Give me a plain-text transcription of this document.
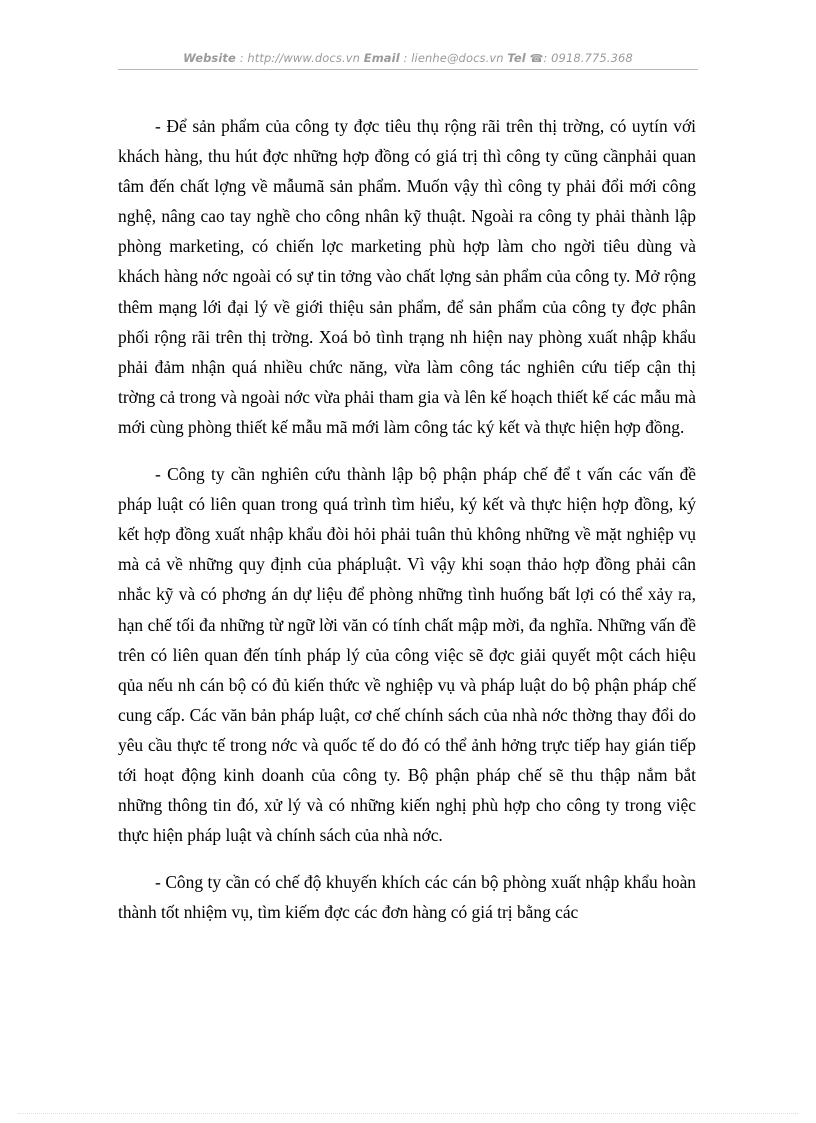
Website : http://www.docs.vn Email : lienhe@docs.vn Tel ☎: 0918.775.368

- Để sản phẩm của công ty đợc tiêu thụ rộng rãi trên thị trờng, có uytín với khách hàng, thu hút đợc những hợp đồng có giá trị thì công ty cũng cầnphải quan tâm đến chất lợng về mẫumã sản phẩm. Muốn vậy thì công ty phải đổi mới công nghệ, nâng cao tay nghề cho công nhân kỹ thuật. Ngoài ra công ty phải thành lập phòng marketing, có chiến lợc marketing phù hợp làm cho ngời tiêu dùng và khách hàng nớc ngoài có sự tin tởng vào chất lợng sản phẩm của công ty. Mở rộng thêm mạng lới đại lý về giới thiệu sản phẩm, để sản phẩm của công ty đợc phân phối rộng rãi trên thị trờng. Xoá bỏ tình trạng nh hiện nay phòng xuất nhập khẩu phải đảm nhận quá nhiều chức năng, vừa làm công tác nghiên cứu tiếp cận thị trờng cả trong và ngoài nớc vừa phải tham gia và lên kế hoạch thiết kế các mẫu mà mới cùng phòng thiết kế mẫu mã mới làm công tác ký kết và thực hiện hợp đồng.

- Công ty cần nghiên cứu thành lập bộ phận pháp chế để t vấn các vấn đề pháp luật có liên quan trong quá trình tìm hiểu, ký kết và thực hiện hợp đồng, ký kết hợp đồng xuất nhập khẩu đòi hỏi phải tuân thủ không những về mặt nghiệp vụ mà cả về những quy định của phápluật. Vì vậy khi soạn thảo hợp đồng phải cân nhắc kỹ và có phơng án dự liệu để phòng những tình huống bất lợi có thể xảy ra, hạn chế tối đa những từ ngữ lời văn có tính chất mập mời, đa nghĩa. Những vấn đề trên có liên quan đến tính pháp lý của công việc sẽ đợc giải quyết một cách hiệu qủa nếu nh cán bộ có đủ kiến thức về nghiệp vụ và pháp luật do bộ phận pháp chế cung cấp. Các văn bản pháp luật, cơ chế chính sách của nhà nớc thờng thay đổi do yêu cầu thực tế trong nớc và quốc tế do đó có thể ảnh hởng trực tiếp hay gián tiếp tới hoạt động kinh doanh của công ty. Bộ phận pháp chế sẽ thu thập nắm bắt những thông tin đó, xử lý và có những kiến nghị phù hợp cho công ty trong việc thực hiện pháp luật và chính sách của nhà nớc.

- Công ty cần có chế độ khuyến khích các cán bộ phòng xuất nhập khẩu hoàn thành tốt nhiệm vụ, tìm kiếm đợc các đơn hàng có giá trị bằng các
